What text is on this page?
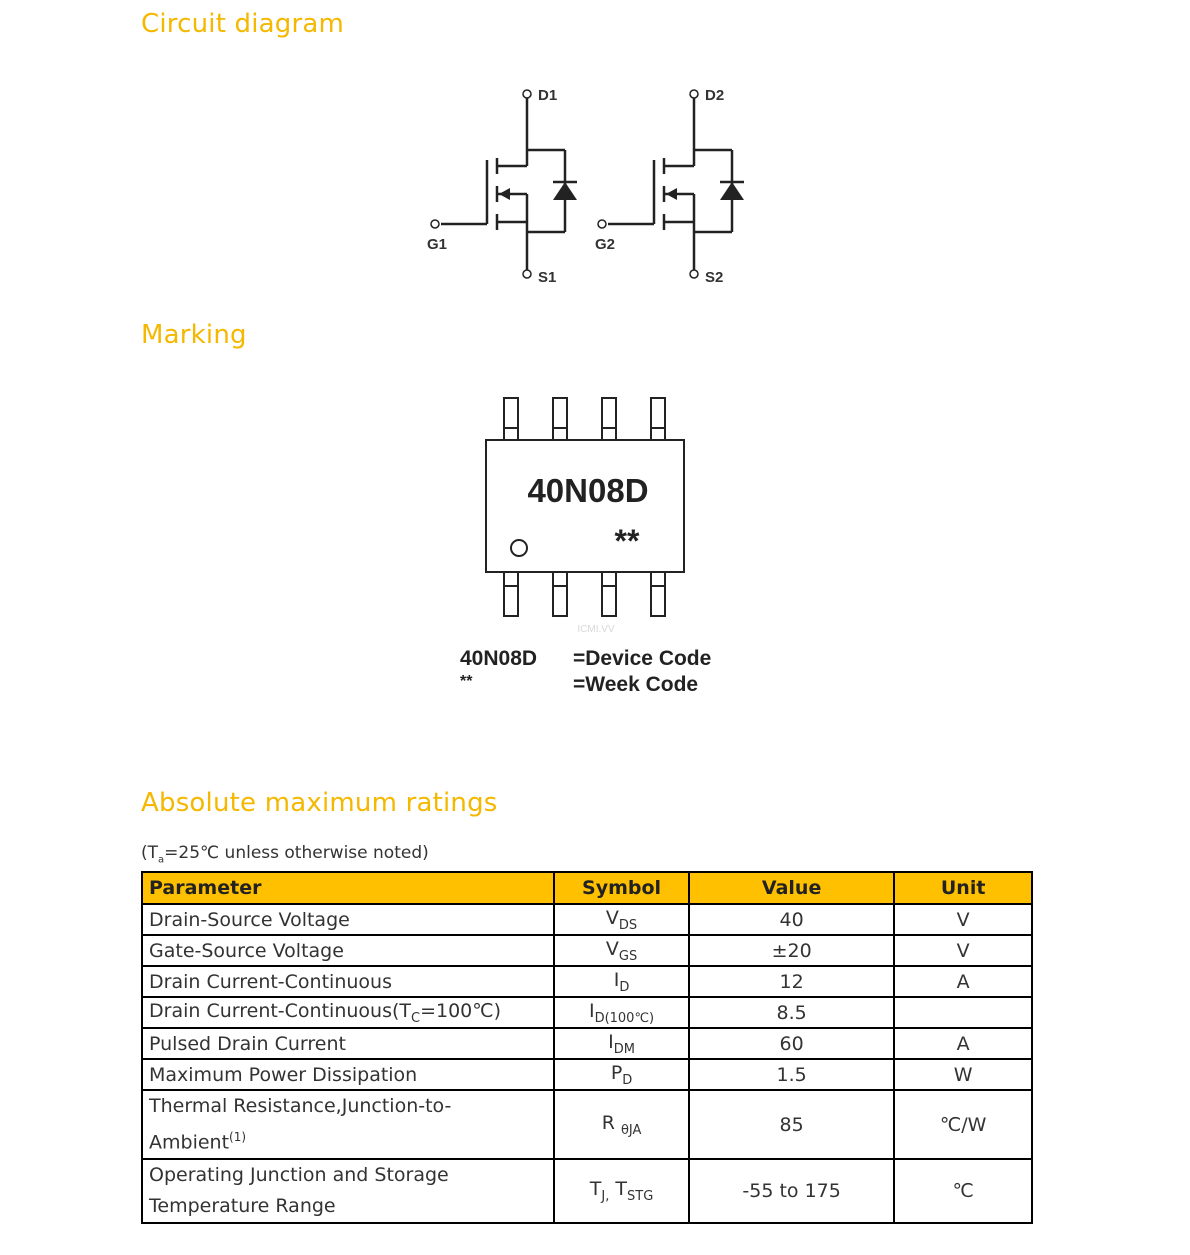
Circuit diagram
D1
G1
S1
D2
G2
S2
Marking
40N08D
**
ICMI.VV
40N08D =Device Code
**	=Week Code
Absolute maximum ratings
($T_a=25℃$ unless otherwise noted)
Parameter	Symbol	Value	Unit
Drain-Source Voltage	$V_{DS}$	40	V
Gate-Source Voltage	$V_{GS}$	±20	V
Drain Current-Continuous	$I_D$	12	A
Drain Current-$Continuous(T_C=100℃)$	$I_{D(100℃)}$	8.5	
Pulsed Drain Current	$I_{DM}$	60	A
Maximum Power Dissipation	$P_D$	1.5	W
Thermal Resistance,Junction-to-
Ambient$^{(1)}$	R $_{\theta JA}$	85	℃/W
Operating Junction and Storage
Temperature Range	$T_{J,}$ $T_{STG}$	-55 to 175	℃
